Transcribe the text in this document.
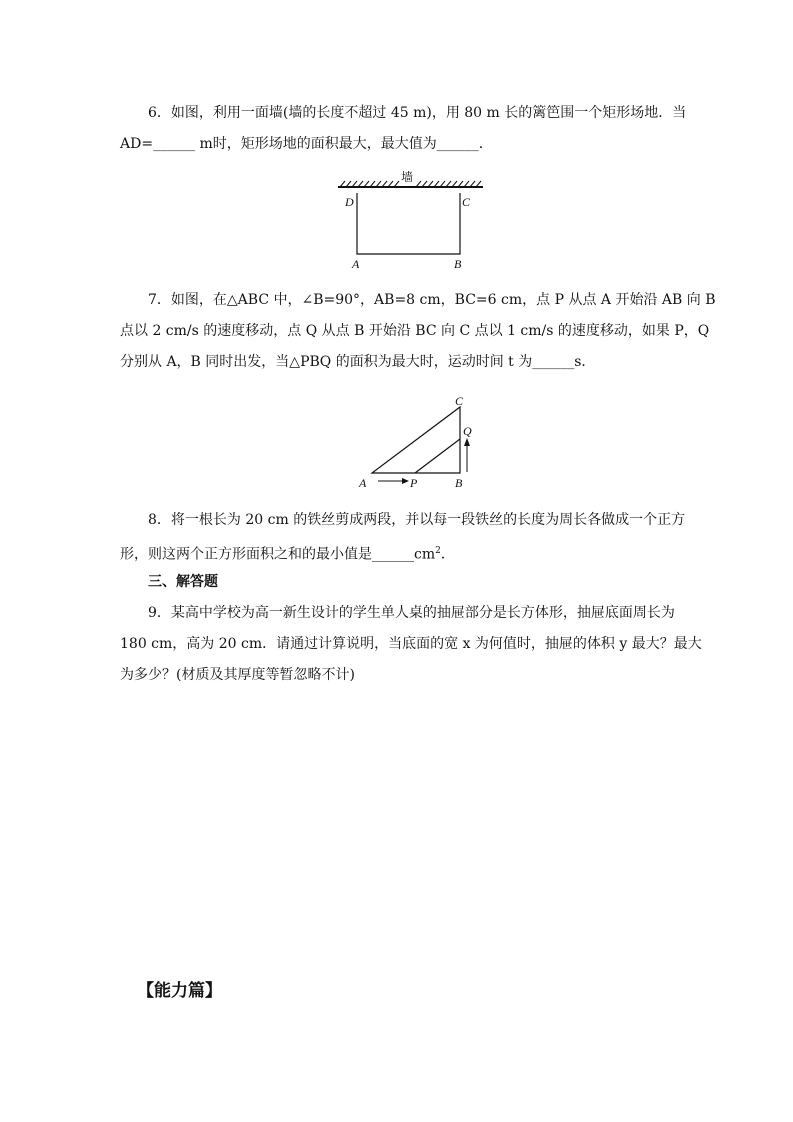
6．如图，利用一面墙(墙的长度不超过 45 m)，用 80 m 长的篱笆围一个矩形场地．当
AD=______ m时，矩形场地的面积最大，最大值为______．
墙
D	C
A	B
7．如图，在△ABC 中，∠B=90°，AB=8 cm，BC=6 cm，点 P 从点 A 开始沿 AB 向 B
点以 2 cm/s 的速度移动，点 Q 从点 B 开始沿 BC 向 C 点以 1 cm/s 的速度移动，如果 P，Q
分别从 A，B 同时出发，当△PBQ 的面积为最大时，运动时间 t 为______s．
C
Q
A	P	B
8．将一根长为 20 cm 的铁丝剪成两段，并以每一段铁丝的长度为周长各做成一个正方
形，则这两个正方形面积之和的最小值是$\_\_\_\_\_\_cm^2$．
三、解答题
9．某高中学校为高一新生设计的学生单人桌的抽屉部分是长方体形，抽屉底面周长为
180 cm，高为 20 cm．请通过计算说明，当底面的宽 x 为何值时，抽屉的体积 y 最大？最大
为多少？(材质及其厚度等暂忽略不计)
【能力篇】
